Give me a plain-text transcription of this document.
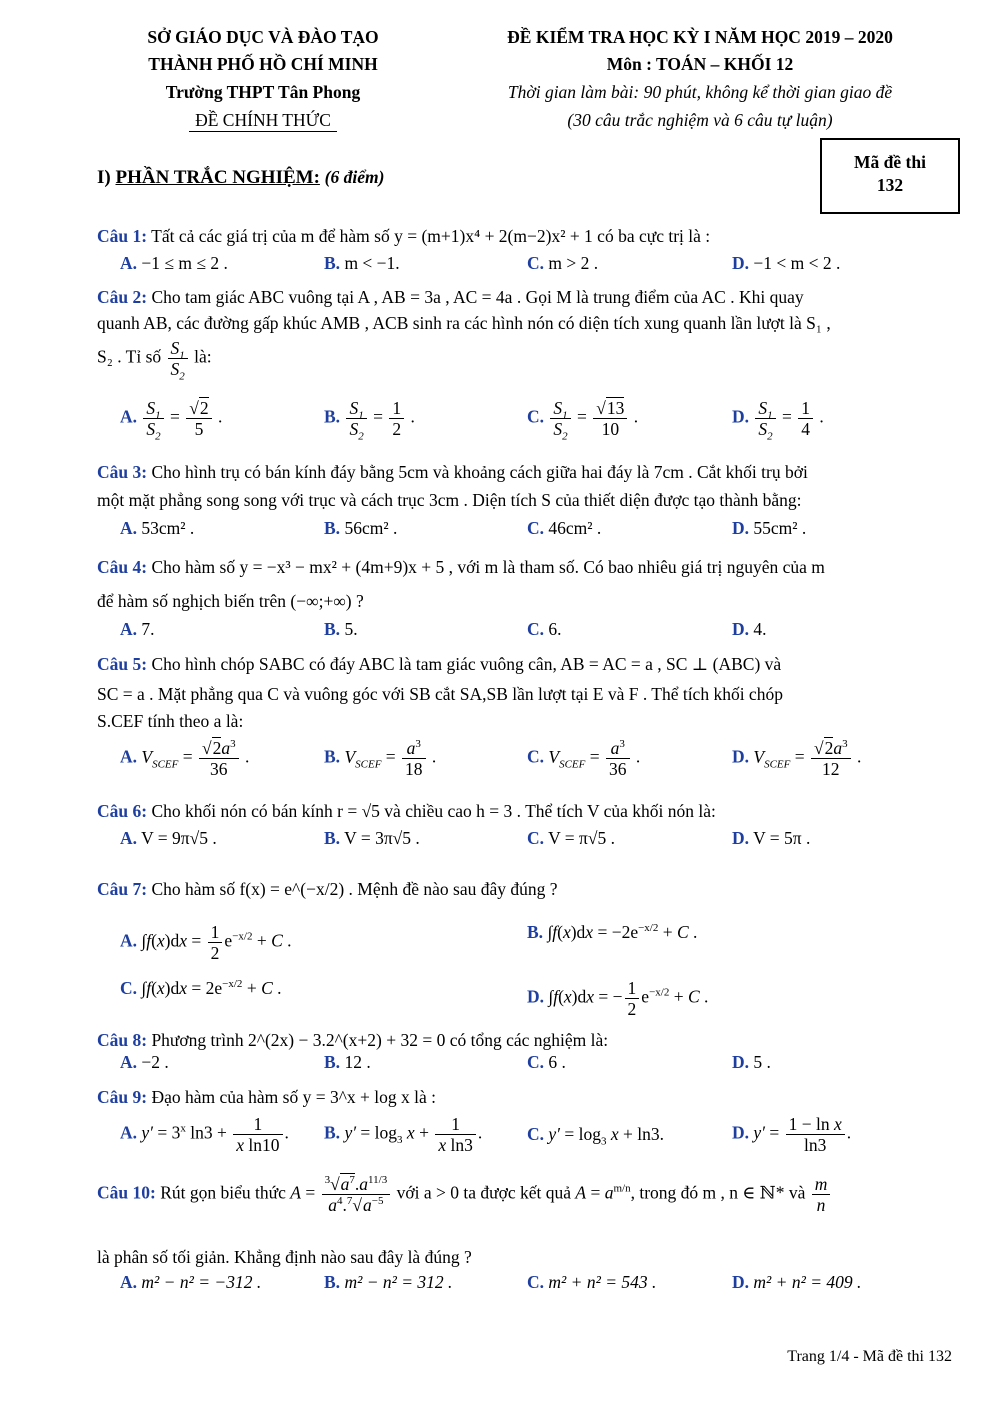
SỞ GIÁO DỤC VÀ ĐÀO TẠO
THÀNH PHỐ HỒ CHÍ MINH
Trường THPT Tân Phong
ĐỀ CHÍNH THỨC
ĐỀ KIỂM TRA HỌC KỲ I NĂM HỌC 2019 – 2020
Môn : TOÁN – KHỐI 12
Thời gian làm bài: 90 phút, không kể thời gian giao đề
(30 câu trắc nghiệm và 6 câu tự luận)
Mã đề thi
132
I) PHẦN TRẮC NGHIỆM: (6 điểm)
Câu 1: Tất cả các giá trị của m để hàm số y = (m+1)x⁴ + 2(m−2)x² + 1 có ba cực trị là :
A. −1 ≤ m ≤ 2 .	B. m < −1.	C. m > 2 .	D. −1 < m < 2 .
Câu 2: Cho tam giác ABC vuông tại A , AB = 3a , AC = 4a . Gọi M là trung điểm của AC . Khi quay
quanh AB, các đường gấp khúc AMB , ACB sinh ra các hình nón có diện tích xung quanh lần lượt là S₁ ,
S₂ . Tỉ số $\frac{S_1}{S_2}$ là:
A. $\frac{S_1}{S_2} = \frac{√2}{5}$ .	B. $\frac{S_1}{S_2} = \frac{1}{2}$ .	C. $\frac{S_1}{S_2} = \frac{√13}{10}$ .	D. $\frac{S_1}{S_2} = \frac{1}{4}$ .
Câu 3: Cho hình trụ có bán kính đáy bằng 5cm và khoảng cách giữa hai đáy là 7cm . Cắt khối trụ bởi
một mặt phẳng song song với trục và cách trục 3cm . Diện tích S của thiết diện được tạo thành bằng:
A. 53cm² .	B. 56cm² .	C. 46cm² .	D. 55cm² .
Câu 4: Cho hàm số y = −x³ − mx² + (4m+9)x + 5 , với m là tham số. Có bao nhiêu giá trị nguyên của m
để hàm số nghịch biến trên (−∞;+∞) ?
A. 7.	B. 5.	C. 6.	D. 4.
Câu 5: Cho hình chóp SABC có đáy ABC là tam giác vuông cân, AB = AC = a , SC ⊥ (ABC) và
SC = a . Mặt phẳng qua C và vuông góc với SB cắt SA,SB lần lượt tại E và F . Thể tích khối chóp
S.CEF tính theo a là:
A. $V_{SCEF} = \frac{√2a^3}{36}$ .	B. $V_{SCEF} = \frac{a^3}{18}$ .	C. $V_{SCEF} = \frac{a^3}{36}$ .	D. $V_{SCEF} = \frac{√2a^3}{12}$ .
Câu 6: Cho khối nón có bán kính r = √5 và chiều cao h = 3 . Thể tích V của khối nón là:
A. V = 9π√5 .	B. V = 3π√5 .	C. V = π√5 .	D. V = 5π .
Câu 7: Cho hàm số f(x) = e^(−x/2) . Mệnh đề nào sau đây đúng ?
A. $\int f(x)dx = \frac{1}{2} e^{-x/2} + C$ .	B. $\int f(x)dx = -2e^{-x/2} + C$ .
C. $\int f(x)dx = 2e^{-x/2} + C$ .	D. ∫f(x)dx = − $\frac{1}{2} e^{-x/2} + C$ .
Câu 8: Phương trình 2^(2x) − 3.2^(x+2) + 32 = 0 có tổng các nghiệm là:
A. −2 .	B. 12 .	C. 6 .	D. 5 .
Câu 9: Đạo hàm của hàm số y = 3^x + log x là :
A. $y' = 3^x$ $\ln 3 + \frac{1}{\text{x ln10}}$ . B. $y' = \log_3 x + \frac{1}{\text{x ln3}}$ .	C. $y' = \log_3 x + \ln 3$.	D. $y' = \frac{\text{1 − ln x}}{\ln 3}$ .
Câu 10: Rút gọn biểu thức $A = \frac{^3√a^7.a^{11/3}}{a^4.^7√a^{-5}}$ với a > 0 ta được kết quả $A = a^{m/n}$, trong đó m , n ∈ ℕ* và $\frac{m}{n}$
là phân số tối giản. Khẳng định nào sau đây là đúng ?
A. m² − n² = −312 .	B. m² − n² = 312 .	C. m² + n² = 543 .	D. m² + n² = 409 .
Trang 1/4 - Mã đề thi 132
